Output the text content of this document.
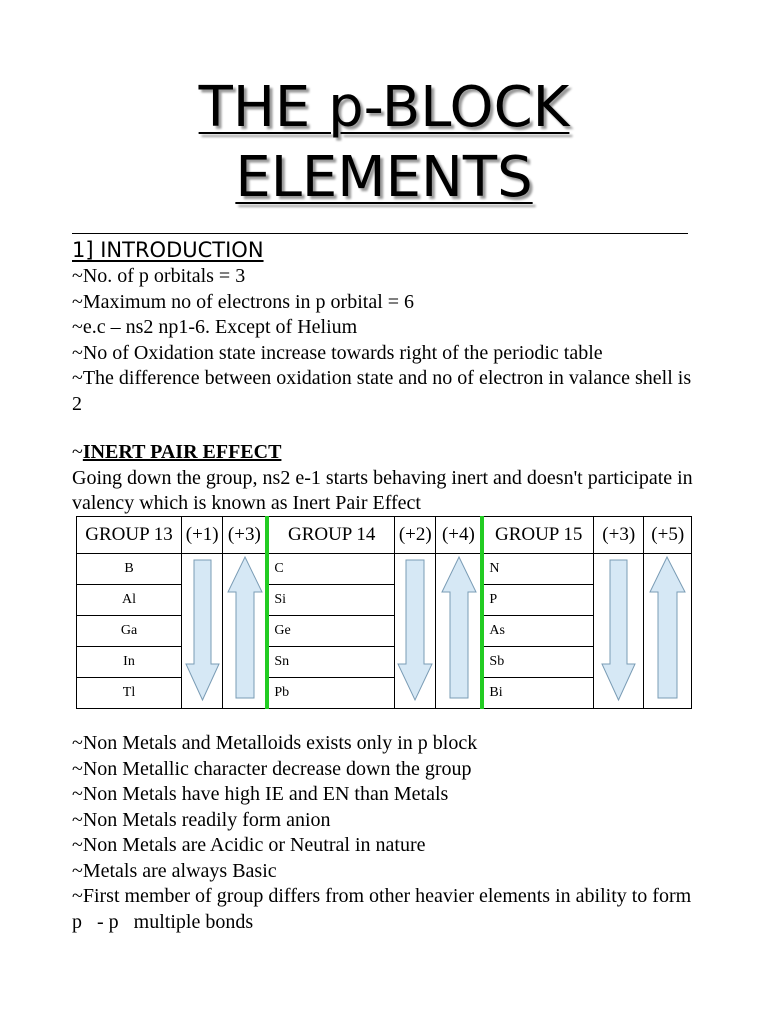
THE p-BLOCK
ELEMENTS
1] INTRODUCTION

~No. of p orbitals = 3

~Maximum no of electrons in p orbital = 6

~e.c – ns2 np1-6. Except of Helium

~No of Oxidation state increase towards right of the periodic table

~The difference between oxidation state and no of electron in valance shell is 2

~INERT PAIR EFFECT

Going down the group, ns2 e-1 starts behaving inert and doesn't participate in valency which is known as Inert Pair Effect

GROUP 13	(+1)	(+3)	GROUP 14	(+2)	(+4)	GROUP 15	(+3)	(+5)
B			C			N	

Al			Si			P		
Ga			Ge			As		
In			Sn			Sb		
Tl			Pb			Bi		

~Non Metals and Metalloids exists only in p block

~Non Metallic character decrease down the group

~Non Metals have high IE and EN than Metals

~Non Metals readily form anion

~Non Metals are Acidic or Neutral in nature

~Metals are always Basic

~First member of group differs from other heavier elements in ability to form p   - p   multiple bonds
